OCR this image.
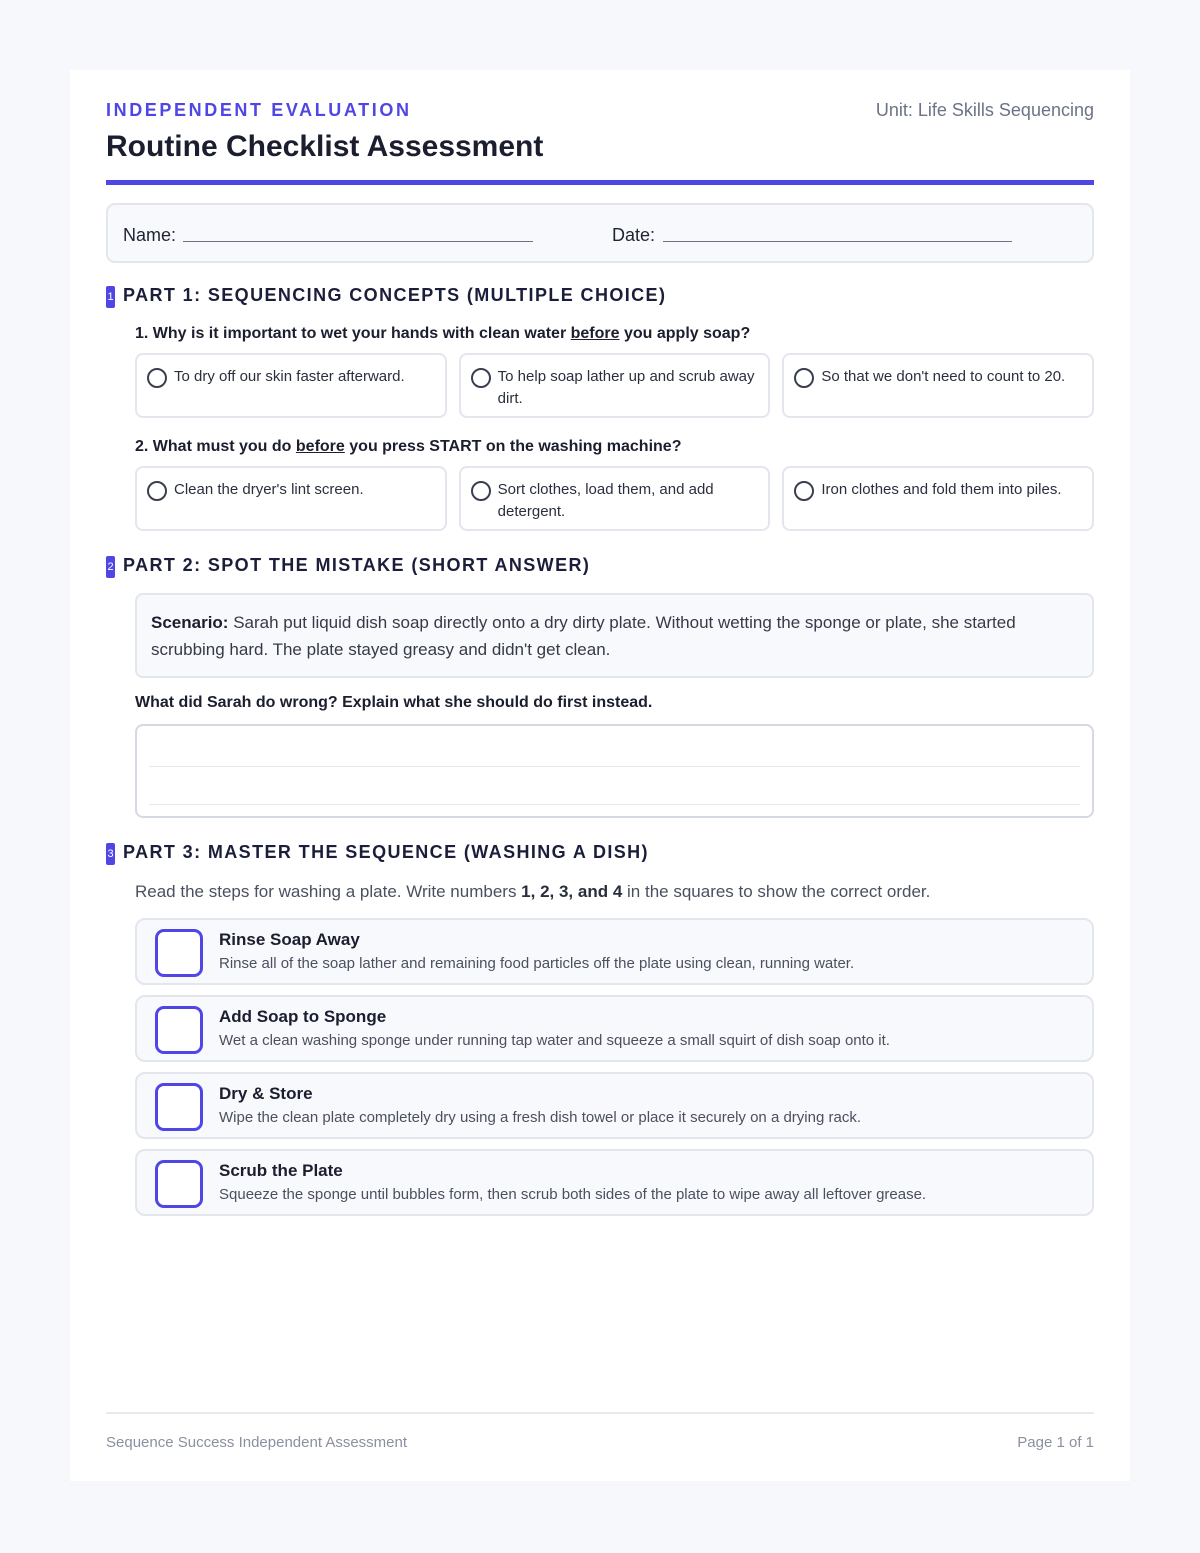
INDEPENDENT EVALUATION	Unit: Life Skills Sequencing
Routine Checklist Assessment
Name:	Date:
1 PART 1: SEQUENCING CONCEPTS (MULTIPLE CHOICE)
1. Why is it important to wet your hands with clean water before you apply soap?
To dry off our skin faster afterward.	To help soap lather up and scrub away dirt.
So that we don't need to count to 20.
2. What must you do before you press START on the washing machine?
Clean the dryer's lint screen.	Sort clothes, load them, and add detergent.
Iron clothes and fold them into piles.
2 PART 2: SPOT THE MISTAKE (SHORT ANSWER)
Scenario: Sarah put liquid dish soap directly onto a dry dirty plate. Without wetting the sponge or plate, she started scrubbing hard. The plate stayed greasy and didn't get clean.
What did Sarah do wrong? Explain what she should do first instead.
3 PART 3: MASTER THE SEQUENCE (WASHING A DISH)
Read the steps for washing a plate. Write numbers 1, 2, 3, and 4 in the squares to show the correct order.
Rinse Soap Away
Rinse all of the soap lather and remaining food particles off the plate using clean, running water.
Add Soap to Sponge
Wet a clean washing sponge under running tap water and squeeze a small squirt of dish soap onto it.
Dry & Store
Wipe the clean plate completely dry using a fresh dish towel or place it securely on a drying rack.
Scrub the Plate
Squeeze the sponge until bubbles form, then scrub both sides of the plate to wipe away all leftover grease.
Sequence Success Independent Assessment	Page 1 of 1
